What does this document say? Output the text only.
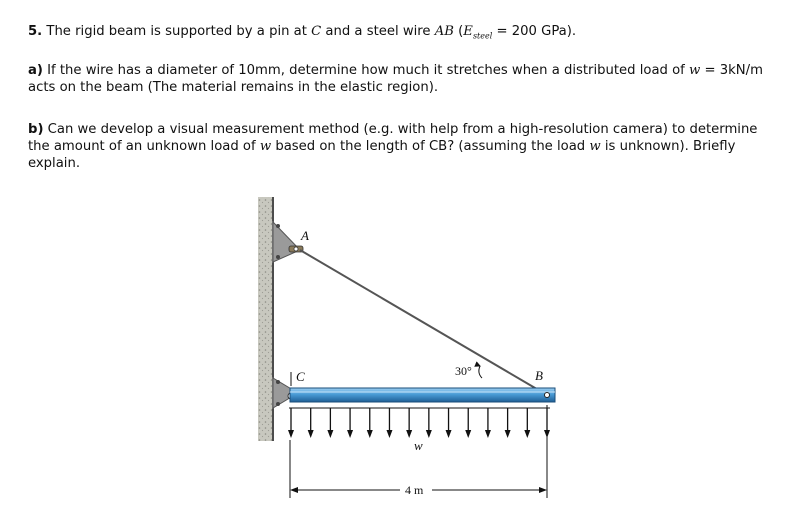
5. The rigid beam is supported by a pin at C and a steel wire AB ($E_{steel} = 200$ GPa).
a) If the wire has a diameter of 10mm, determine how much it stretches when a distributed load of w = 3kN/m acts on the beam (The material remains in the elastic region).
b) Can we develop a visual measurement method (e.g. with help from a high-resolution camera) to determine the amount of an unknown load of w based on the length of CB? (assuming the load w is unknown). Briefly explain.
A
C	30°	B
w
4 m
